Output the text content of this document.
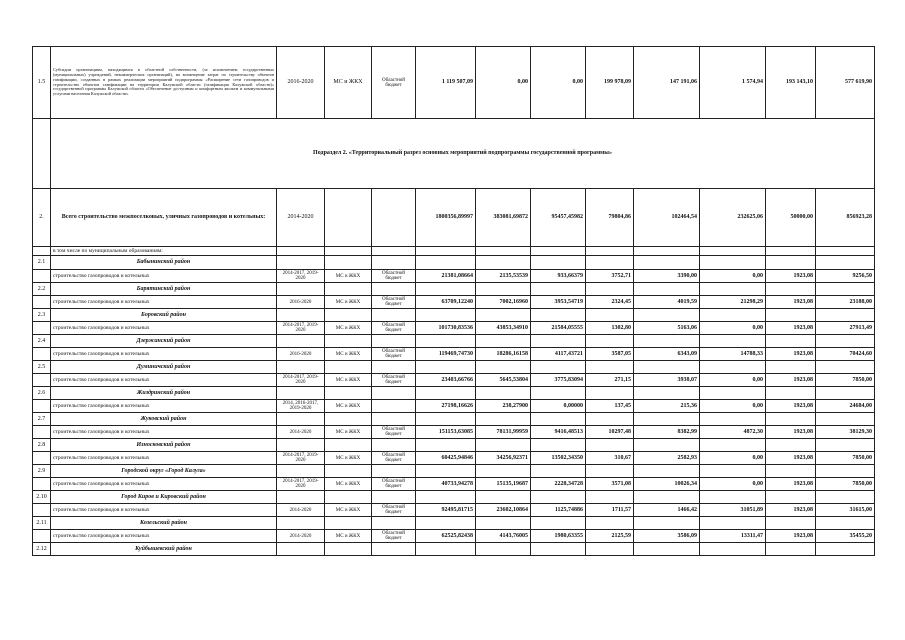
1.5	Субсидии организациям, находящимся в областной собственности, (за исключением государственных (муниципальных) учреждений, некоммерческих организаций), на возмещение затрат по строительству объектов газификации, созданных в рамках реализации мероприятий подпрограммы «Расширение сети газопроводов и строительство объектов газификации на территории Калужской области (газификация Калужской области)» государственной программы Калужской области «Обеспечение доступным и комфортным жильем и коммунальными услугами населения Калужской области»	2016-2020	МС и ЖКХ	Областной бюджет	1 119 507,09	0,00	0,00	199 978,09	147 191,06	1 574,94	193 143,10	577 619,90
	Подраздел 2. «Территориальный разрез основных мероприятий подпрограммы государственной программы»											
2.	Всего строительство межпоселковых, уличных газопроводов и котельных:	2014-2020			1800356,89997	383081,69872	95457,45982	79804,86	102464,54	232625,06	50000,00	856923,28
	в том числе по муниципальным образованиям:											
2.1	Бабынинский район											
	строительство газопроводов и котельных	2014-2017, 2019-2020	МС и ЖКХ	Областной бюджет	21381,08664	2135,53539	933,66379	3752,71	3390,00	0,00	1923,08	9256,50
2.2	Барятинский район											
	строительство газопроводов и котельных	2016-2020	МС и ЖКХ	Областной бюджет	63709,12240	7002,16960	3953,54719	2324,45	4019,59	21298,29	1923,08	23188,00
2.3	Боровский район											
	строительство газопроводов и котельных	2014-2017, 2019-2020	МС и ЖКХ	Областной бюджет	101730,83536	43853,34910	21584,05555	1302,80	5163,06	0,00	1923,08	27913,49
2.4	Дзержинский район											
	строительство газопроводов и котельных	2016-2020	МС и ЖКХ	Областной бюджет	119469,74730	18286,16158	4117,43721	3587,05	6343,09	14788,33	1923,08	70424,60
2.5	Думиничский район											
	строительство газопроводов и котельных	2014-2017, 2019-2020	МС и ЖКХ	Областной бюджет	23403,66766	5645,53804	3775,83094	271,15	3938,07	0,00	1923,08	7850,00
2.6	Жиздринский район											
	строительство газопроводов и котельных	2014, 2016-2017, 2019-2020	МС и ЖКХ		27198,16626	238,27900	0,00000	137,45	215,36	0,00	1923,08	24684,00
2.7	Жуковский район											
	строительство газопроводов и котельных	2014-2020	МС и ЖКХ	Областной бюджет	151153,63085	78131,99959	9416,48513	10297,48	8382,99	4872,30	1923,08	38129,30
2.8	Износковский район											
	строительство газопроводов и котельных	2014-2017, 2019-2020	МС и ЖКХ	Областной бюджет	60425,94846	34256,92371	13502,34350	310,67	2582,93	0,00	1923,08	7850,00
2.9	Городской округ «Город Калуга»											
	строительство газопроводов и котельных	2014-2017, 2019-2020	МС и ЖКХ	Областной бюджет	40733,94278	15135,19687	2228,34728	3571,08	10026,34	0,00	1923,08	7850,00
2.10	Город Киров и Кировский район											
	строительство газопроводов и котельных	2014-2020	МС и ЖКХ	Областной бюджет	92495,81715	23602,10864	1125,74886	1711,57	1466,42	31051,89	1923,08	31615,00
2.11	Козельский район											
	строительство газопроводов и котельных	2014-2020	МС и ЖКХ	Областной бюджет	62525,82438	4143,76005	1980,63355	2125,59	3586,09	13311,47	1923,08	35455,20
2.12	Куйбышевский район											
